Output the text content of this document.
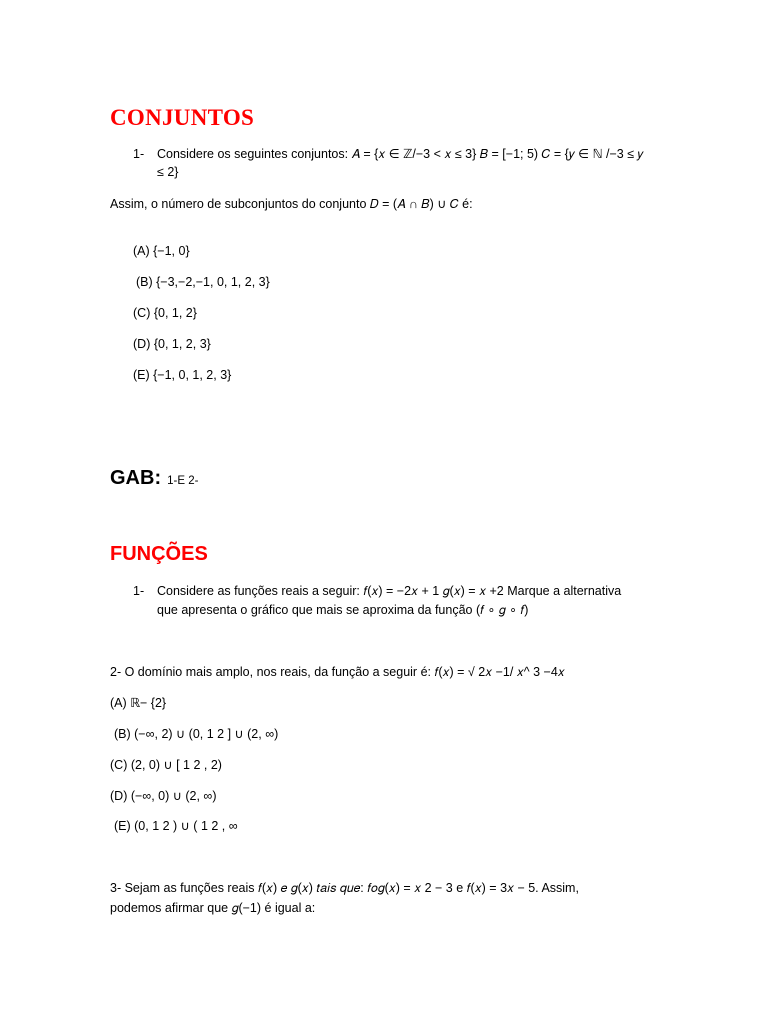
CONJUNTOS
1- Considere os seguintes conjuntos: 𝐴 = {𝑥 ∈ ℤ/−3 < 𝑥 ≤ 3} 𝐵 = [−1; 5) 𝐶 = {𝑦 ∈ ℕ /−3 ≤ 𝑦
≤ 2}
Assim, o número de subconjuntos do conjunto 𝐷 = (𝐴 ∩ 𝐵) ∪ 𝐶 é:
(A) {−1, 0}
(B) {−3,−2,−1, 0, 1, 2, 3}
(C) {0, 1, 2}
(D) {0, 1, 2, 3}
(E) {−1, 0, 1, 2, 3}
GAB: 1-E 2-
FUNÇÕES
1- Considere as funções reais a seguir: 𝑓(𝑥) = −2𝑥 + 1 𝑔(𝑥) = 𝑥 +2 Marque a alternativa
que apresenta o gráfico que mais se aproxima da função (𝑓 ∘ 𝑔 ∘ 𝑓)
2- O domínio mais amplo, nos reais, da função a seguir é: 𝑓(𝑥) = √ 2𝑥 −1/ 𝑥^ 3 −4𝑥
(A) ℝ− {2}
(B) (−∞, 2) ∪ (0, 1 2 ] ∪ (2, ∞)
(C) (2, 0) ∪ [ 1 2 , 2)
(D) (−∞, 0) ∪ (2, ∞)
(E) (0, 1 2 ) ∪ ( 1 2 , ∞
3- Sejam as funções reais 𝑓(𝑥) 𝑒 𝑔(𝑥) 𝑡𝑎𝑖𝑠 𝑞𝑢𝑒: 𝑓𝑜𝑔(𝑥) = 𝑥 2 − 3 e 𝑓(𝑥) = 3𝑥 − 5. Assim,
podemos afirmar que 𝑔(−1) é igual a:
